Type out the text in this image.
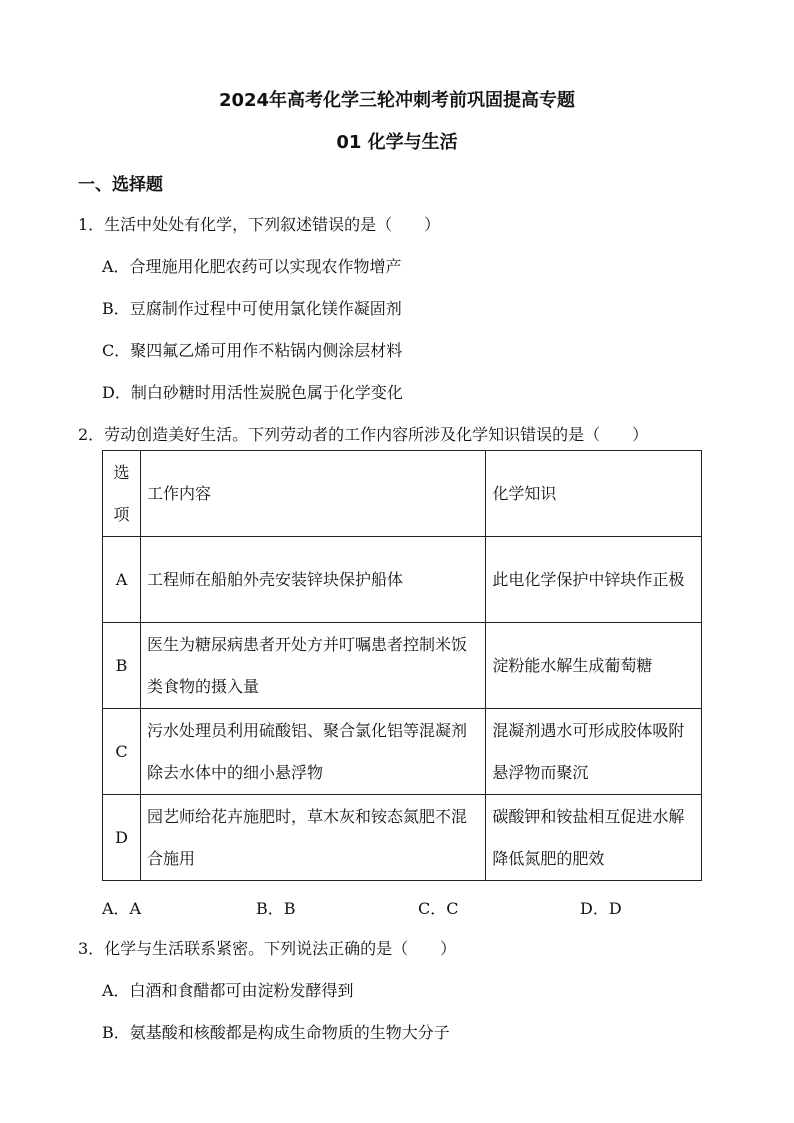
2024年高考化学三轮冲刺考前巩固提高专题
01 化学与生活
一、选择题
1．生活中处处有化学，下列叙述错误的是（　　）
A．合理施用化肥农药可以实现农作物增产
B．豆腐制作过程中可使用氯化镁作凝固剂
C．聚四氟乙烯可用作不粘锅内侧涂层材料
D．制白砂糖时用活性炭脱色属于化学变化
2．劳动创造美好生活。下列劳动者的工作内容所涉及化学知识错误的是（　　）
选项	工作内容	化学知识
A	工程师在船舶外壳安装锌块保护船体	此电化学保护中锌块作正极
B	医生为糖尿病患者开处方并叮嘱患者控制米饭类食物的摄入量	淀粉能水解生成葡萄糖
C	污水处理员利用硫酸铝、聚合氯化铝等混凝剂除去水体中的细小悬浮物	混凝剂遇水可形成胶体吸附悬浮物而聚沉
D	园艺师给花卉施肥时，草木灰和铵态氮肥不混合施用	碳酸钾和铵盐相互促进水解降低氮肥的肥效
A．A	B．B	C．C	D．D
3．化学与生活联系紧密。下列说法正确的是（　　）
A．白酒和食醋都可由淀粉发酵得到
B．氨基酸和核酸都是构成生命物质的生物大分子
